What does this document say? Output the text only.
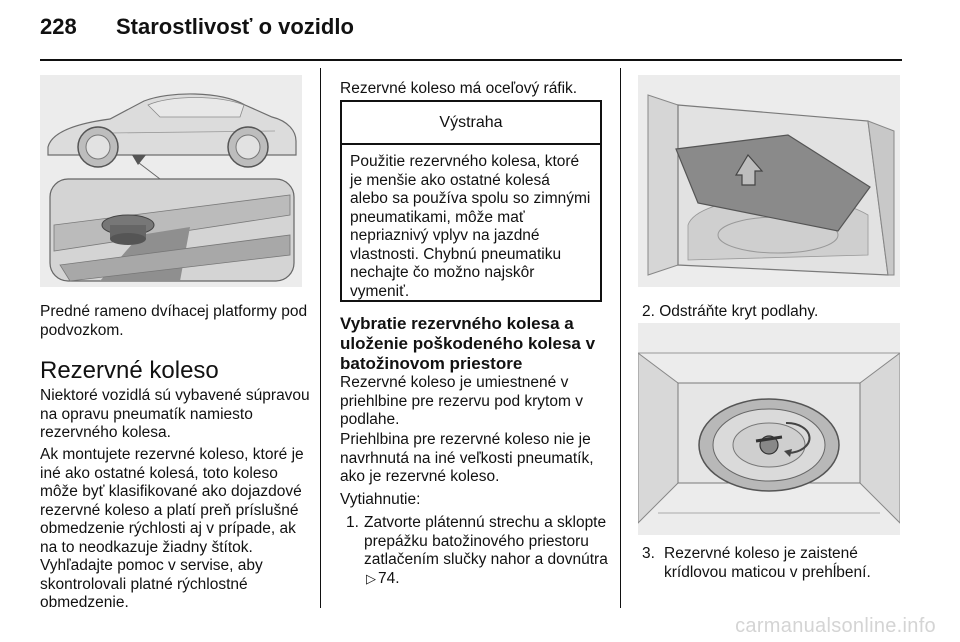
228 Starostlivosť o vozidlo

Predné rameno dvíhacej platformy pod podvozkom.

Rezervné koleso

Niektoré vozidlá sú vybavené súpravou na opravu pneumatík namiesto rezervného kolesa.

Ak montujete rezervné koleso, ktoré je iné ako ostatné kolesá, toto koleso môže byť klasifikované ako dojazdové rezervné koleso a platí preň príslušné obmedzenie rýchlosti aj v prípade, ak na to neodkazuje žiadny štítok. Vyhľadajte pomoc v servise, aby skontrolovali platné rýchlostné obmedzenie.

Rezervné koleso má oceľový ráfik.

Výstraha
Použitie rezervného kolesa, ktoré je menšie ako ostatné kolesá alebo sa používa spolu so zimnými pneumatikami, môže mať nepriaznivý vplyv na jazdné vlastnosti. Chybnú pneumatiku nechajte čo možno najskôr vymeniť.
Vybratie rezervného kolesa a uloženie poškodeného kolesa v batožinovom priestore

Rezervné koleso je umiestnené v priehlbine pre rezervu pod krytom v podlahe.

Priehlbina pre rezervné koleso nie je navrhnutá na iné veľkosti pneumatík, ako je rezervné koleso.

Vytiahnutie:

1. Zatvorte plátennú strechu a sklopte prepážku batožinového priestoru zatlačením slučky nahor a dovnútra ▷ 74.
2. Odstráňte kryt podlahy.
3. Rezervné koleso je zaistené krídlovou maticou v prehĺbení.
carmanualsonline.info
